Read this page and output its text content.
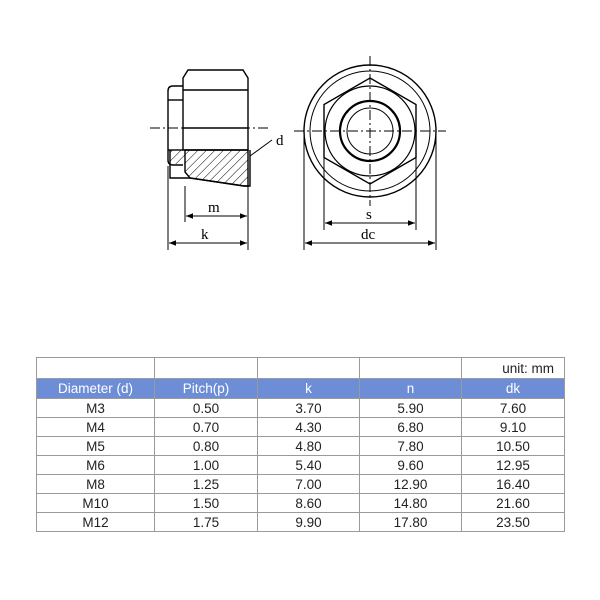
d
m
k
s
dc
				unit: mm
Diameter (d)	Pitch(p)	k	n	dk
M3	0.50	3.70	5.90	7.60
M4	0.70	4.30	6.80	9.10
M5	0.80	4.80	7.80	10.50
M6	1.00	5.40	9.60	12.95
M8	1.25	7.00	12.90	16.40
M10	1.50	8.60	14.80	21.60
M12	1.75	9.90	17.80	23.50
